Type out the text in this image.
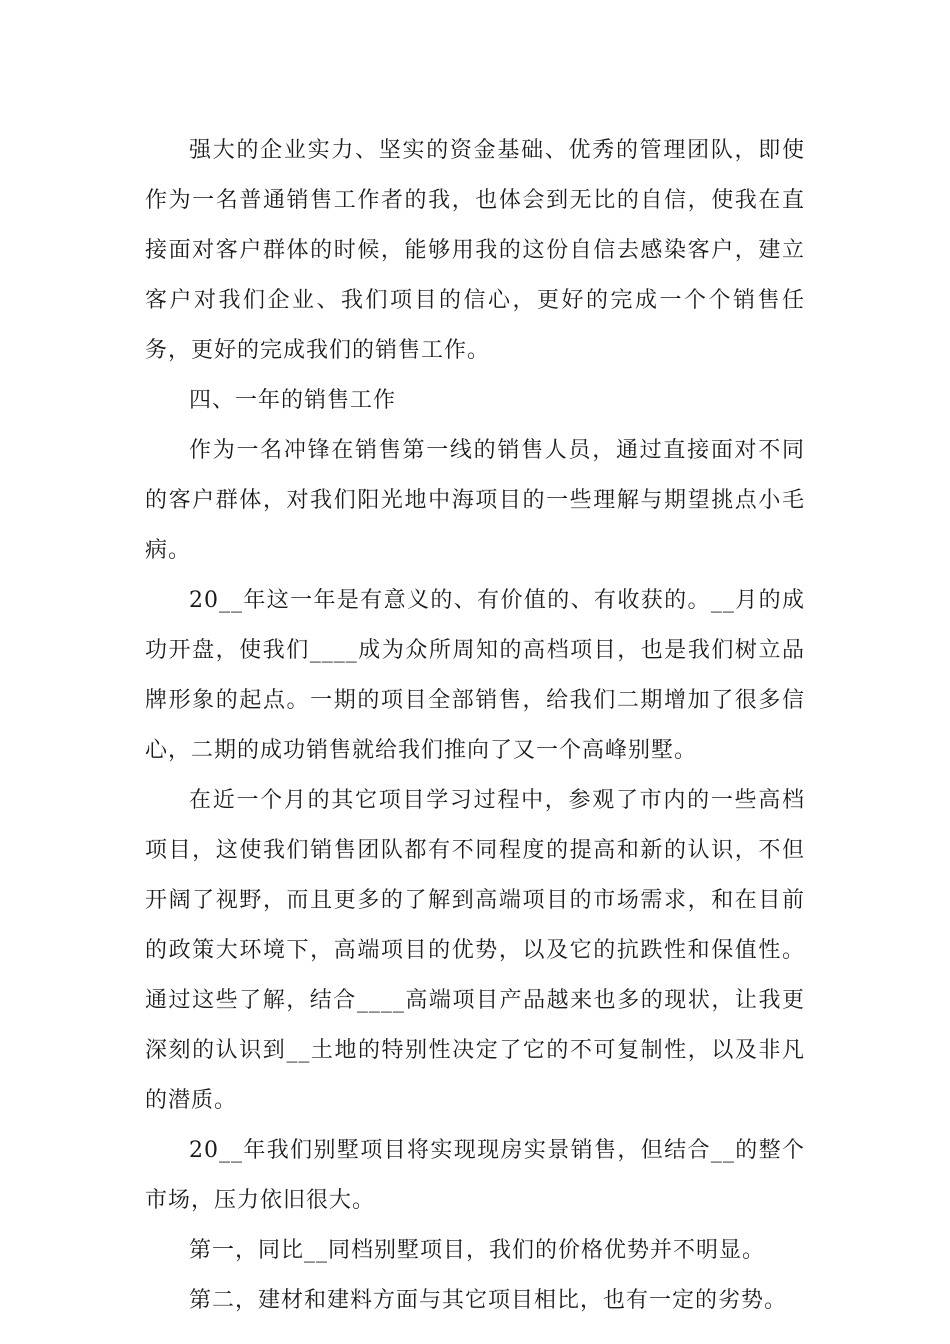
强大的企业实力、坚实的资金基础、优秀的管理团队，即使作为一名普通销售工作者的我，也体会到无比的自信，使我在直接面对客户群体的时候，能够用我的这份自信去感染客户，建立客户对我们企业、我们项目的信心，更好的完成一个个销售任务，更好的完成我们的销售工作。

四、一年的销售工作

作为一名冲锋在销售第一线的销售人员，通过直接面对不同的客户群体，对我们阳光地中海项目的一些理解与期望挑点小毛病。

20__年这一年是有意义的、有价值的、有收获的。__月的成功开盘，使我们____成为众所周知的高档项目，也是我们树立品牌形象的起点。一期的项目全部销售，给我们二期增加了很多信心，二期的成功销售就给我们推向了又一个高峰别墅。

在近一个月的其它项目学习过程中，参观了市内的一些高档项目，这使我们销售团队都有不同程度的提高和新的认识，不但开阔了视野，而且更多的了解到高端项目的市场需求，和在目前的政策大环境下，高端项目的优势，以及它的抗跌性和保值性。通过这些了解，结合____高端项目产品越来也多的现状，让我更深刻的认识到__土地的特别性决定了它的不可复制性，以及非凡的潜质。

20__年我们别墅项目将实现现房实景销售，但结合__的整个市场，压力依旧很大。

第一，同比__同档别墅项目，我们的价格优势并不明显。

第二，建材和建料方面与其它项目相比，也有一定的劣势。
